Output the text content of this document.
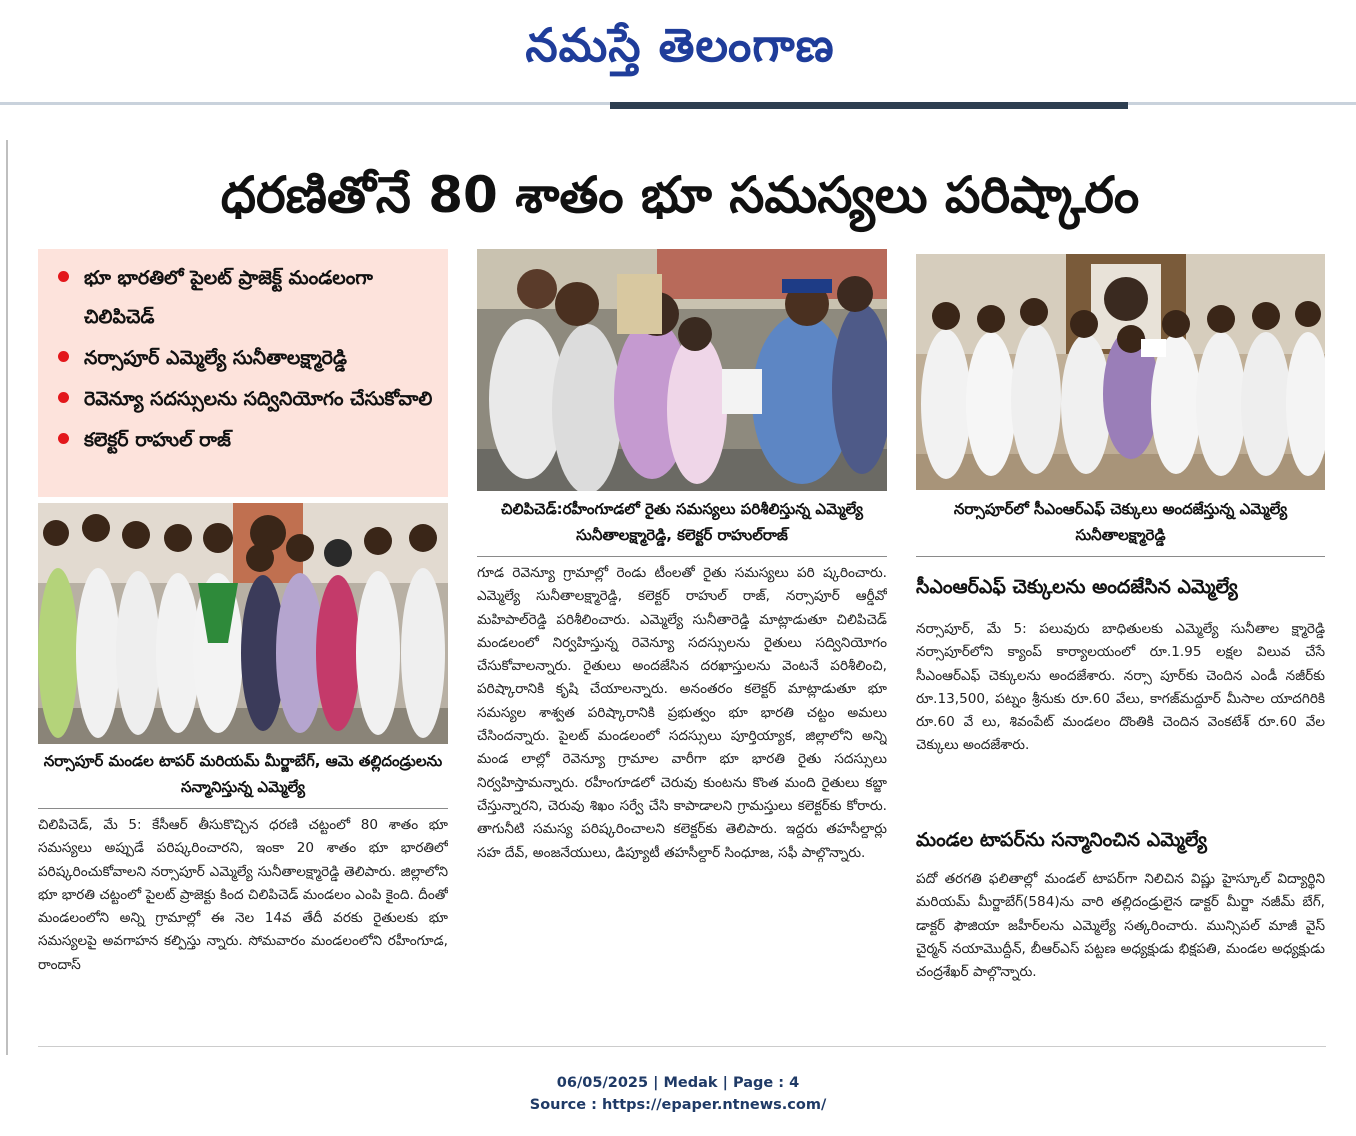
నమస్తే తెలంగాణ
ధరణితోనే 80 శాతం భూ సమస్యలు పరిష్కారం
భూ భారతిలో పైలట్ ప్రాజెక్ట్ మండలంగా చిలిపిచెడ్
నర్సాపూర్ ఎమ్మెల్యే సునీతాలక్ష్మారెడ్డి
రెవెన్యూ సదస్సులను సద్వినియోగం చేసుకోవాలి
కలెక్టర్ రాహుల్ రాజ్
నర్సాపూర్ మండల టాపర్ మరియమ్ మీర్జాబేగ్, ఆమె తల్లిదండ్రులను సన్మానిస్తున్న ఎమ్మెల్యే
చిలిపిచెడ్:రహీంగూడలో రైతు సమస్యలు పరిశీలిస్తున్న ఎమ్మెల్యే సునీతాలక్ష్మారెడ్డి, కలెక్టర్ రాహుల్‌రాజ్
నర్సాపూర్‌లో సీఎంఆర్‌ఎఫ్ చెక్కులు అందజేస్తున్న ఎమ్మెల్యే సునీతాలక్ష్మారెడ్డి
చిలిపిచెడ్, మే 5: కేసీఆర్ తీసుకొచ్చిన ధరణి చట్టంలో 80 శాతం భూ సమస్యలు అప్పుడే పరిష్కరించారని, ఇంకా 20 శాతం భూ భారతిలో పరిష్కరించుకోవాలని నర్సాపూర్ ఎమ్మెల్యే సునీతాలక్ష్మారెడ్డి తెలిపారు. జిల్లాలోని భూ భారతి చట్టంలో పైలట్ ప్రాజెక్టు కింద చిలిపిచెడ్ మండలం ఎంపి కైంది. దీంతో మండలంలోని అన్ని గ్రామాల్లో ఈ నెల 14వ తేదీ వరకు రైతులకు భూ సమస్యలపై అవగాహన కల్పిస్తు న్నారు. సోమవారం మండలంలోని రహీంగూడ, రాందాస్
గూడ రెవెన్యూ గ్రామాల్లో రెండు టీంలతో రైతు సమస్యలు పరి ష్కరించారు. ఎమ్మెల్యే సునీతాలక్ష్మారెడ్డి, కలెక్టర్ రాహుల్ రాజ్, నర్సాపూర్ ఆర్డీవో మహిపాల్‌రెడ్డి పరిశీలించారు. ఎమ్మెల్యే సునీతారెడ్డి మాట్లాడుతూ చిలిపిచెడ్ మండలంలో నిర్వహిస్తున్న రెవెన్యూ సదస్సులను రైతులు సద్వినియోగం చేసుకోవాలన్నారు. రైతులు అందజేసిన దరఖాస్తులను వెంటనే పరిశీలించి, పరిష్కారానికి కృషి చేయాలన్నారు. అనంతరం కలెక్టర్ మాట్లాడుతూ భూ సమస్యల శాశ్వత పరిష్కారానికి ప్రభుత్వం భూ భారతి చట్టం అమలు చేసిందన్నారు. పైలట్ మండలంలో సదస్సులు పూర్తియ్యాక, జిల్లాలోని అన్ని మండ లాల్లో రెవెన్యూ గ్రామాల వారీగా భూ భారతి రైతు సదస్సులు నిర్వహిస్తామన్నారు. రహీంగూడలో చెరువు కుంటను కొంత మంది రైతులు కబ్జా చేస్తున్నారని, చెరువు శిఖం సర్వే చేసి కాపాడాలని గ్రామస్తులు కలెక్టర్‌కు కోరారు. తాగునీటి సమస్య పరిష్కరించాలని కలెక్టర్‌కు తెలిపారు. ఇద్దరు తహసీల్దార్లు సహ దేవ్, అంజనేయులు, డిప్యూటీ తహసీల్దార్ సింధూజ, సఫీ పాల్గొన్నారు.
సీఎంఆర్‌ఎఫ్ చెక్కులను అందజేసిన ఎమ్మెల్యే
నర్సాపూర్, మే 5: పలువురు బాధితులకు ఎమ్మెల్యే సునీతాల క్ష్మారెడ్డి నర్సాపూర్‌లోని క్యాంప్ కార్యాలయంలో రూ.1.95 లక్షల విలువ చేసే సీఎంఆర్‌ఎఫ్ చెక్కులను అందజేశారు. నర్సా పూర్‌కు చెందిన ఎండీ నజీర్‌కు రూ.13,500, పట్నం శ్రీనుకు రూ.60 వేలు, కాగజ్‌మద్దూర్ మీసాల యాదగిరికి రూ.60 వే లు, శివంపేట్ మండలం దొంతికి చెందిన వెంకటేశ్ రూ.60 వేల చెక్కులు అందజేశారు.
మండల టాపర్‌ను సన్మానించిన ఎమ్మెల్యే
పదో తరగతి ఫలితాల్లో మండల్ టాపర్‌గా నిలిచిన విష్ణు హైస్కూల్ విద్యార్థిని మరియమ్ మీర్జాబేగ్(584)ను వారి తల్లిదండ్రులైన డాక్టర్ మీర్జా నజీమ్ బేగ్, డాక్టర్ ఫౌజియా జహీర్‌లను ఎమ్మెల్యే సత్కరించారు. మున్సిపల్ మాజీ వైస్ చైర్మన్ నయామొద్దీన్, బీఆర్‌ఎస్ పట్టణ అధ్యక్షుడు భిక్షపతి, మండల అధ్యక్షుడు చంద్రశేఖర్ పాల్గొన్నారు.
06/05/2025 | Medak | Page : 4
Source : https://epaper.ntnews.com/
